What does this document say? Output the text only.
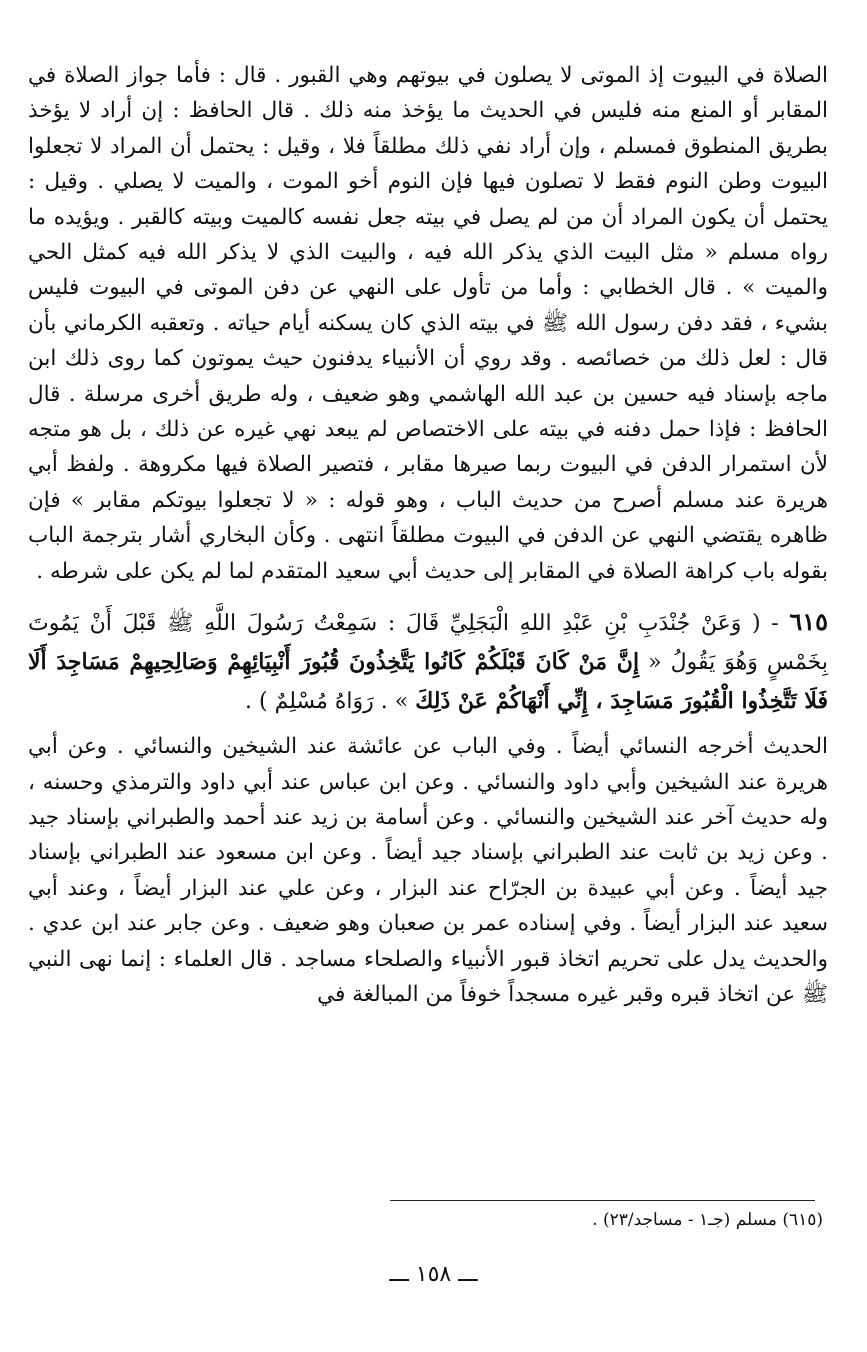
الصلاة في البيوت إذ الموتى لا يصلون في بيوتهم وهي القبور . قال : فأما جواز الصلاة في المقابر أو المنع منه فليس في الحديث ما يؤخذ منه ذلك . قال الحافظ : إن أراد لا يؤخذ بطريق المنطوق فمسلم ، وإن أراد نفي ذلك مطلقاً فلا ، وقيل : يحتمل أن المراد لا تجعلوا البيوت وطن النوم فقط لا تصلون فيها فإن النوم أخو الموت ، والميت لا يصلي . وقيل : يحتمل أن يكون المراد أن من لم يصل في بيته جعل نفسه كالميت وبيته كالقبر . ويؤيده ما رواه مسلم « مثل البيت الذي يذكر الله فيه ، والبيت الذي لا يذكر الله فيه كمثل الحي والميت » . قال الخطابي : وأما من تأول على النهي عن دفن الموتى في البيوت فليس بشيء ، فقد دفن رسول الله ﷺ في بيته الذي كان يسكنه أيام حياته . وتعقبه الكرماني بأن قال : لعل ذلك من خصائصه . وقد روي أن الأنبياء يدفنون حيث يموتون كما روى ذلك ابن ماجه بإسناد فيه حسين بن عبد الله الهاشمي وهو ضعيف ، وله طريق أخرى مرسلة . قال الحافظ : فإذا حمل دفنه في بيته على الاختصاص لم يبعد نهي غيره عن ذلك ، بل هو متجه لأن استمرار الدفن في البيوت ربما صيرها مقابر ، فتصير الصلاة فيها مكروهة . ولفظ أبي هريرة عند مسلم أصرح من حديث الباب ، وهو قوله : « لا تجعلوا بيوتكم مقابر » فإن ظاهره يقتضي النهي عن الدفن في البيوت مطلقاً انتهى . وكأن البخاري أشار بترجمة الباب بقوله باب كراهة الصلاة في المقابر إلى حديث أبي سعيد المتقدم لما لم يكن على شرطه .

٦١٥ - ( وَعَنْ جُنْدَبِ بْنِ عَبْدِ اللهِ الْبَجَلِيِّ قَالَ : سَمِعْتُ رَسُولَ اللَّهِ ﷺ قَبْلَ أَنْ يَمُوتَ بِخَمْسٍ وَهُوَ يَقُولُ « إِنَّ مَنْ كَانَ قَبْلَكُمْ كَانُوا يَتَّخِذُونَ قُبُورَ أَنْبِيَائِهِمْ وَصَالِحِيهِمْ مَسَاجِدَ أَلَا فَلَا تَتَّخِذُوا الْقُبُورَ مَسَاجِدَ ، إِنِّي أَنْهَاكُمْ عَنْ ذَلِكَ » . رَوَاهُ مُسْلِمٌ ) .

الحديث أخرجه النسائي أيضاً . وفي الباب عن عائشة عند الشيخين والنسائي . وعن أبي هريرة عند الشيخين وأبي داود والنسائي . وعن ابن عباس عند أبي داود والترمذي وحسنه ، وله حديث آخر عند الشيخين والنسائي . وعن أسامة بن زيد عند أحمد والطبراني بإسناد جيد . وعن زيد بن ثابت عند الطبراني بإسناد جيد أيضاً . وعن ابن مسعود عند الطبراني بإسناد جيد أيضاً . وعن أبي عبيدة بن الجرّاح عند البزار ، وعن علي عند البزار أيضاً ، وعند أبي سعيد عند البزار أيضاً . وفي إسناده عمر بن صعبان وهو ضعيف . وعن جابر عند ابن عدي . والحديث يدل على تحريم اتخاذ قبور الأنبياء والصلحاء مساجد . قال العلماء : إنما نهى النبي ﷺ عن اتخاذ قبره وقبر غيره مسجداً خوفاً من المبالغة في

(٦١٥) مسلم (جـ١ - مساجد/٢٣) .
ـــ ١٥٨ ـــ
